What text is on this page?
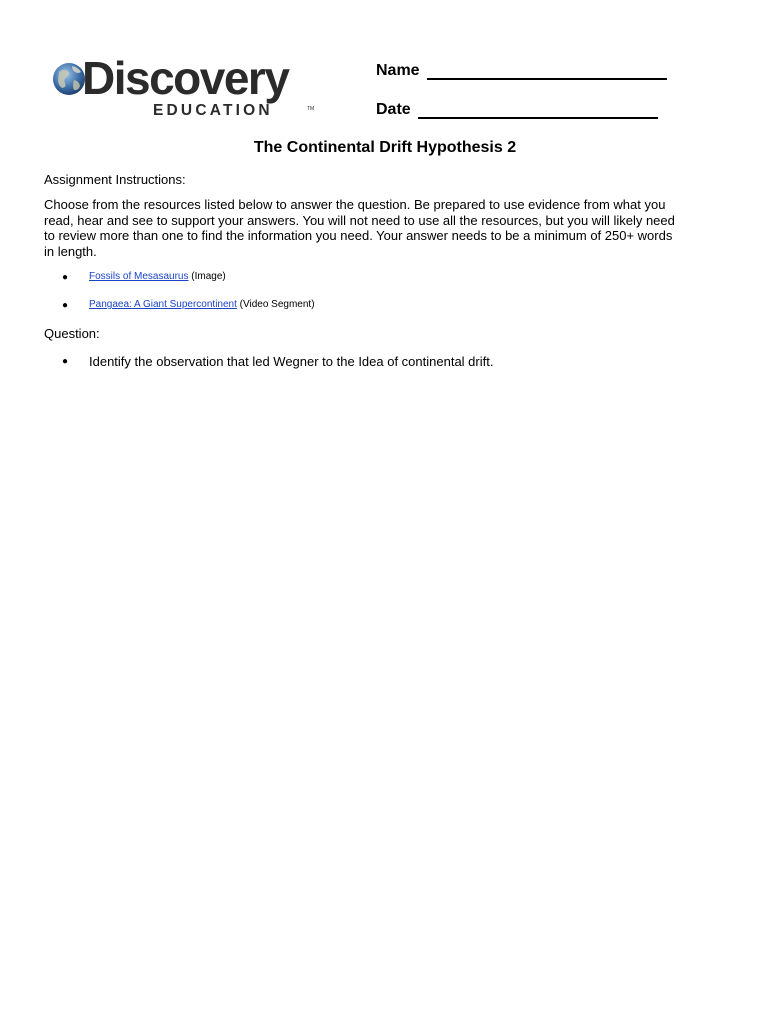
Discovery
EDUCATION	TM
Name
Date
The Continental Drift Hypothesis 2

Assignment Instructions:

Choose from the resources listed below to answer the question. Be prepared to use evidence from what you read, hear and see to support your answers. You will not need to use all the resources, but you will likely need to review more than one to find the information you need. Your answer needs to be a minimum of 250+ words in length.

●	Fossils of Mesasaurus (Image)
●	Pangaea: A Giant Supercontinent (Video Segment)

Question:

●	Identify the observation that led Wegner to the Idea of continental drift.
